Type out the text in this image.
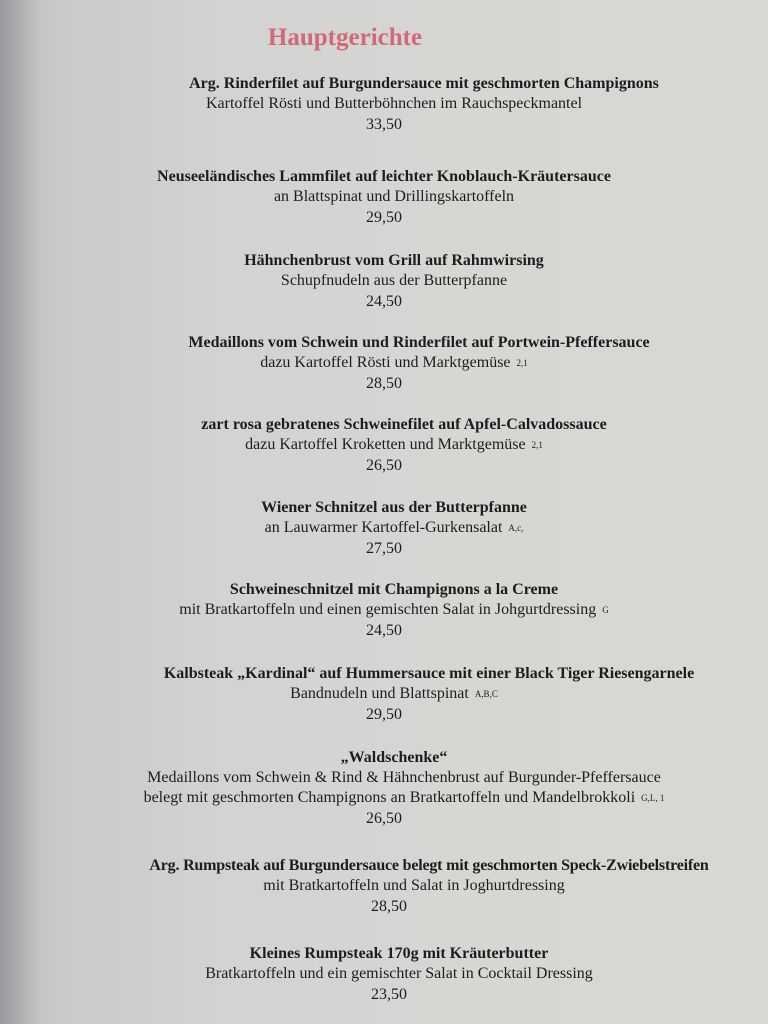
Hauptgerichte
Arg. Rinderfilet auf Burgundersauce mit geschmorten Champignons
Kartoffel Rösti und Butterböhnchen im Rauchspeckmantel
33,50
Neuseeländisches Lammfilet auf leichter Knoblauch-Kräutersauce
an Blattspinat und Drillingskartoffeln
29,50
Hähnchenbrust vom Grill auf Rahmwirsing
Schupfnudeln aus der Butterpfanne
24,50
Medaillons vom Schwein und Rinderfilet auf Portwein-Pfeffersauce
dazu Kartoffel Rösti und Marktgemüse 2,1
28,50
zart rosa gebratenes Schweinefilet auf Apfel-Calvadossauce
dazu Kartoffel Kroketten und Marktgemüse 2,1
26,50
Wiener Schnitzel aus der Butterpfanne
an Lauwarmer Kartoffel-Gurkensalat A,c,
27,50
Schweineschnitzel mit Champignons a la Creme
mit Bratkartoffeln und einen gemischten Salat in Johgurtdressing G
24,50
Kalbsteak „Kardinal“ auf Hummersauce mit einer Black Tiger Riesengarnele
Bandnudeln und Blattspinat A,B,C
29,50
„Waldschenke“
Medaillons vom Schwein & Rind & Hähnchenbrust auf Burgunder-Pfeffersauce
belegt mit geschmorten Champignons an Bratkartoffeln und Mandelbrokkoli G,L, 1
26,50
Arg. Rumpsteak auf Burgundersauce belegt mit geschmorten Speck-Zwiebelstreifen
mit Bratkartoffeln und Salat in Joghurtdressing
28,50
Kleines Rumpsteak 170g mit Kräuterbutter
Bratkartoffeln und ein gemischter Salat in Cocktail Dressing
23,50
